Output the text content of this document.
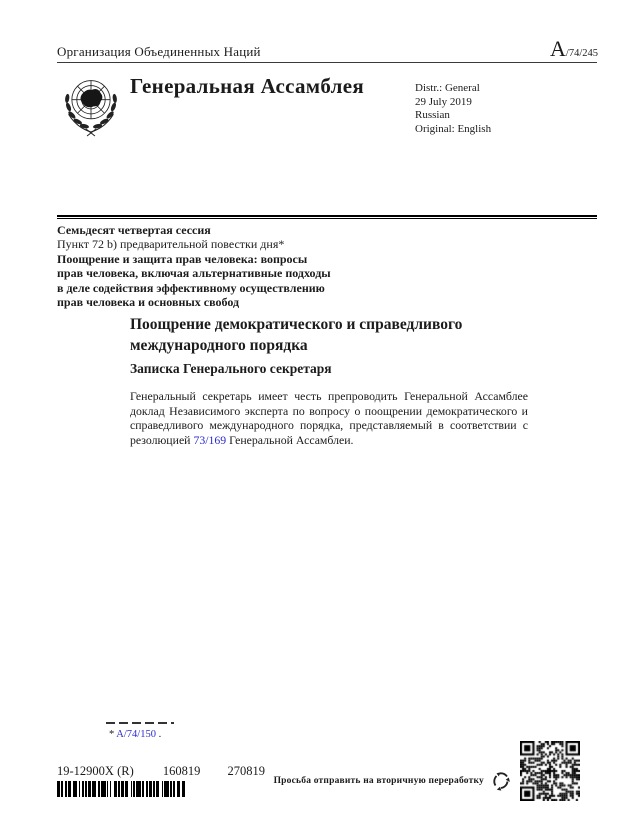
Организация Объединенных Наций	A/74/245
Генеральная Ассамблея	Distr.: General
29 July 2019
Russian
Original: English
Семьдесят четвертая сессия
Пункт 72 b) предварительной повестки дня*
Поощрение и защита прав человека: вопросы
прав человека, включая альтернативные подходы
в деле содействия эффективному осуществлению
прав человека и основных свобод
Поощрение демократического и справедливого международного порядка
Записка Генерального секретаря
Генеральный секретарь имеет честь препроводить Генеральной Ассамблее доклад Независимого эксперта по вопросу о поощрении демократического и справедливого международного порядка, представляемый в соответствии с резолюцией 73/169 Генеральной Ассамблеи.
* A/74/150 .
19-12900X (R) 160819 270819
Просьба отправить на вторичную переработку
